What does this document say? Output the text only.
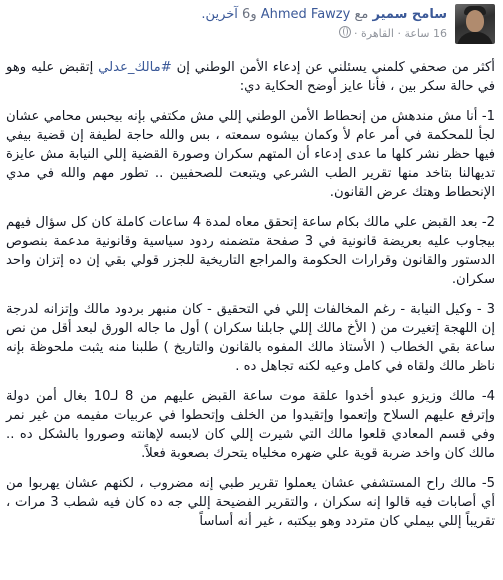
سامح سمير مع Ahmed Fawzy و6 آخرين.
16 ساعة · القاهرة ·

أكثر من صحفي كلمني يسئلني عن إدعاء الأمن الوطني إن #مالك_عدلي إتقبض عليه وهو في حالة سكر بين ، فأنا عايز أوضح الحكاية دي:

1- أنا مش مندهش من إنحطاط الأمن الوطني إللي مش مكتفي بإنه بيحبس محامي عشان لجأ للمحكمة في أمر عام لأ وكمان بيشوه سمعته ، بس والله حاجة لطيفة إن قضية بيفي فيها حظر نشر كلها ما عدى إدعاء أن المتهم سكران وصورة القضية إللي النيابة مش عايزة تديهالنا بتاخد منها تقرير الطب الشرعي ويتبعت للصحفيين .. تطور مهم والله في مدي الإنحطاط وهتك عرض القانون.

2- بعد القبض علي مالك بكام ساعة إتحقق معاه لمدة 4 ساعات كاملة كان كل سؤال فيهم بيجاوب عليه بعريضة قانونية في 3 صفحة متضمنه ردود سياسية وقانونية مدعمة بنصوص الدستور والقانون وقرارات الحكومة والمراجع التاريخية للجزر قولي بقي إن ده إتزان واحد سكران.

3 - وكيل النيابة - رغم المخالفات إللي في التحقيق - كان منبهر بردود مالك وإتزانه لدرجة إن اللهجة إتغيرت من ( الأخ مالك إللي جابلنا سكران ) أول ما جاله الورق لبعد أقل من نص ساعة بقي الخطاب ( الأستاذ مالك المفوه بالقانون والتاريخ ) طلبنا منه يثبت ملحوظة بإنه ناظر مالك ولقاه في كامل وعيه لكنه تجاهل ده .

4- مالك وزيزو عبدو أخدوا علقة موت ساعة القبض عليهم من 8 لـ10 بغال أمن دولة وإترفع عليهم السلاح وإتعموا وإتقيدوا من الخلف وإتحطوا في عربيات مفيمه من غير نمر وفي قسم المعادي قلعوا مالك التي شيرت إللي كان لابسه لإهانته وصوروا بالشكل ده .. مالك كان واخد ضربة قوية علي ضهره مخلياه يتحرك بصعوبة فعلاً.

5- مالك راح المستشفي عشان يعملوا تقرير طبي إنه مضروب ، لكنهم عشان يهربوا من أي أصابات فيه قالوا إنه سكران ، والتقرير الفضيحة إللي جه ده كان فيه شطب 3 مرات ، تقريباً إللي بيملي كان متردد وهو بيكتبه ، غير أنه أساساً
